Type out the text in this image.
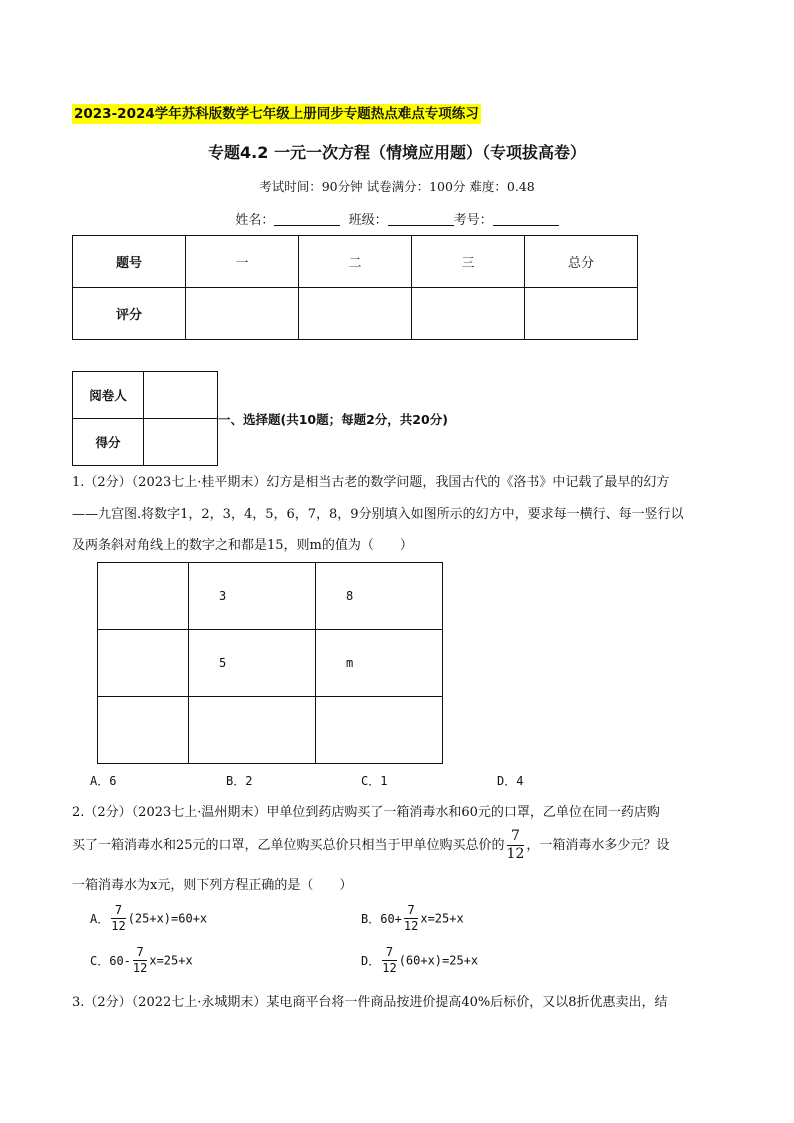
2023-2024学年苏科版数学七年级上册同步专题热点难点专项练习
专题4.2 一元一次方程（情境应用题）（专项拔高卷）
考试时间：90分钟 试卷满分：100分 难度：0.48
姓名：	班级：	考号：
题号	一	二	三	总分
评分				
阅卷人	
得分	
一、选择题(共10题；每题2分，共20分)
1.（2分）（2023七上·桂平期末）幻方是相当古老的数学问题，我国古代的《洛书》中记载了最早的幻方
——九宫图.将数字1，2，3，4，5，6，7，8，9分别填入如图所示的幻方中，要求每一横行、每一竖行以
及两条斜对角线上的数字之和都是15，则m的值为（　　）
	3	8
	5	m

A．6	B．2	C．1	D．4
2.（2分）（2023七上·温州期末）甲单位到药店购买了一箱消毒水和60元的口罩，乙单位在同一药店购
买了一箱消毒水和25元的口罩，乙单位购买总价只相当于甲单位购买总价的 $\frac{7}{12}$ ，一箱消毒水多少元？设
一箱消毒水为x元，则下列方程正确的是（　　）
A． $\frac{7}{12} (25+x)=60+x$	B．$60+ \frac{7}{12} x=25+x$
C．$60- \frac{7}{12} x=25+x$	D． $\frac{7}{12} (60+x)=25+x$
3.（2分）（2022七上·永城期末）某电商平台将一件商品按进价提高40%后标价，又以8折优惠卖出，结
